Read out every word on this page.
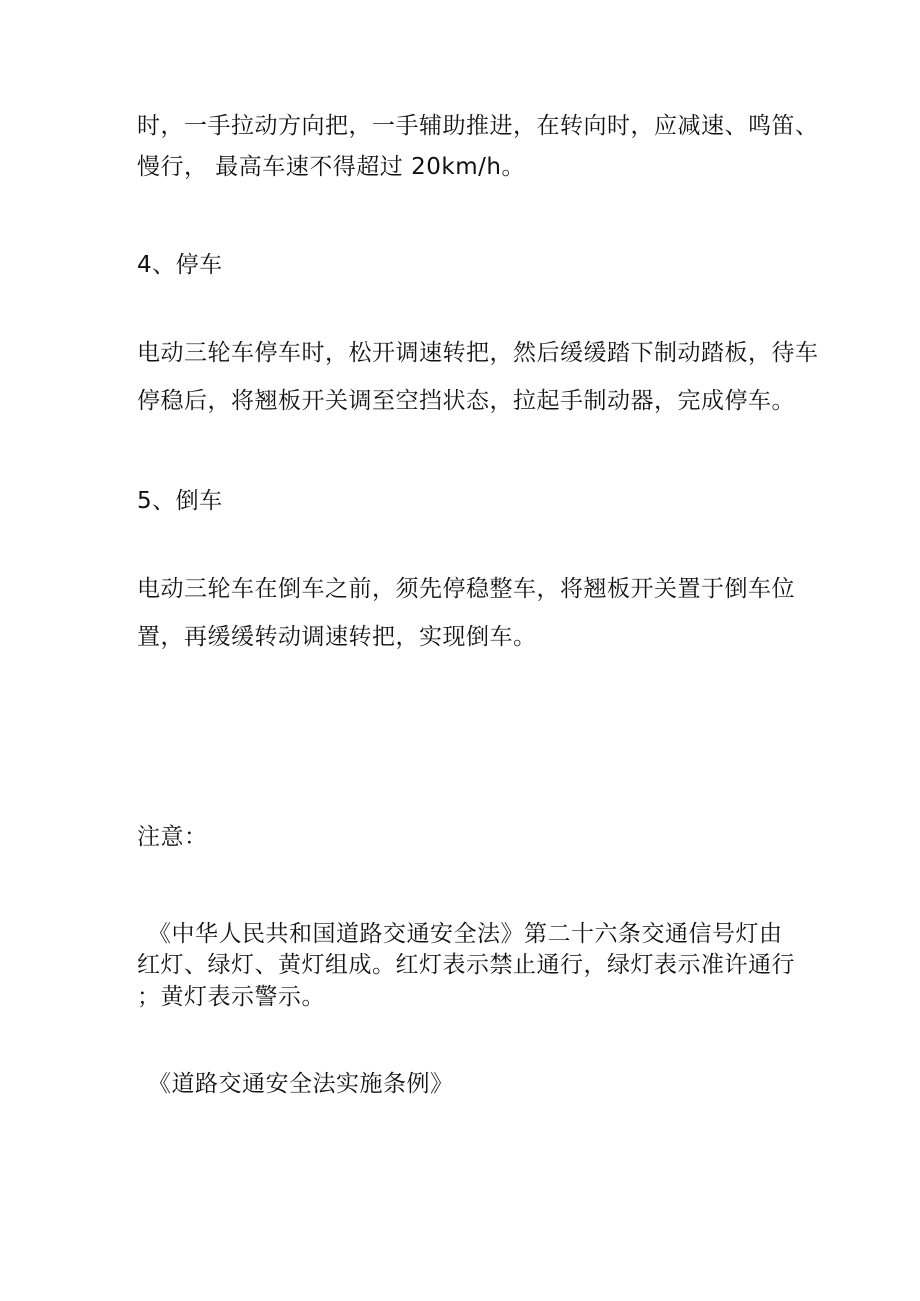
时，一手拉动方向把，一手辅助推进，在转向时，应减速、鸣笛、

慢行， 最高车速不得超过 20km/h。

4、停车

电动三轮车停车时，松开调速转把，然后缓缓踏下制动踏板，待车

停稳后，将翘板开关调至空挡状态，拉起手制动器，完成停车。

5、倒车

电动三轮车在倒车之前，须先停稳整车，将翘板开关置于倒车位

置，再缓缓转动调速转把，实现倒车。

注意：

《中华人民共和国道路交通安全法》第二十六条交通信号灯由

红灯、绿灯、黄灯组成。红灯表示禁止通行，绿灯表示准许通行

；黄灯表示警示。

《道路交通安全法实施条例》
